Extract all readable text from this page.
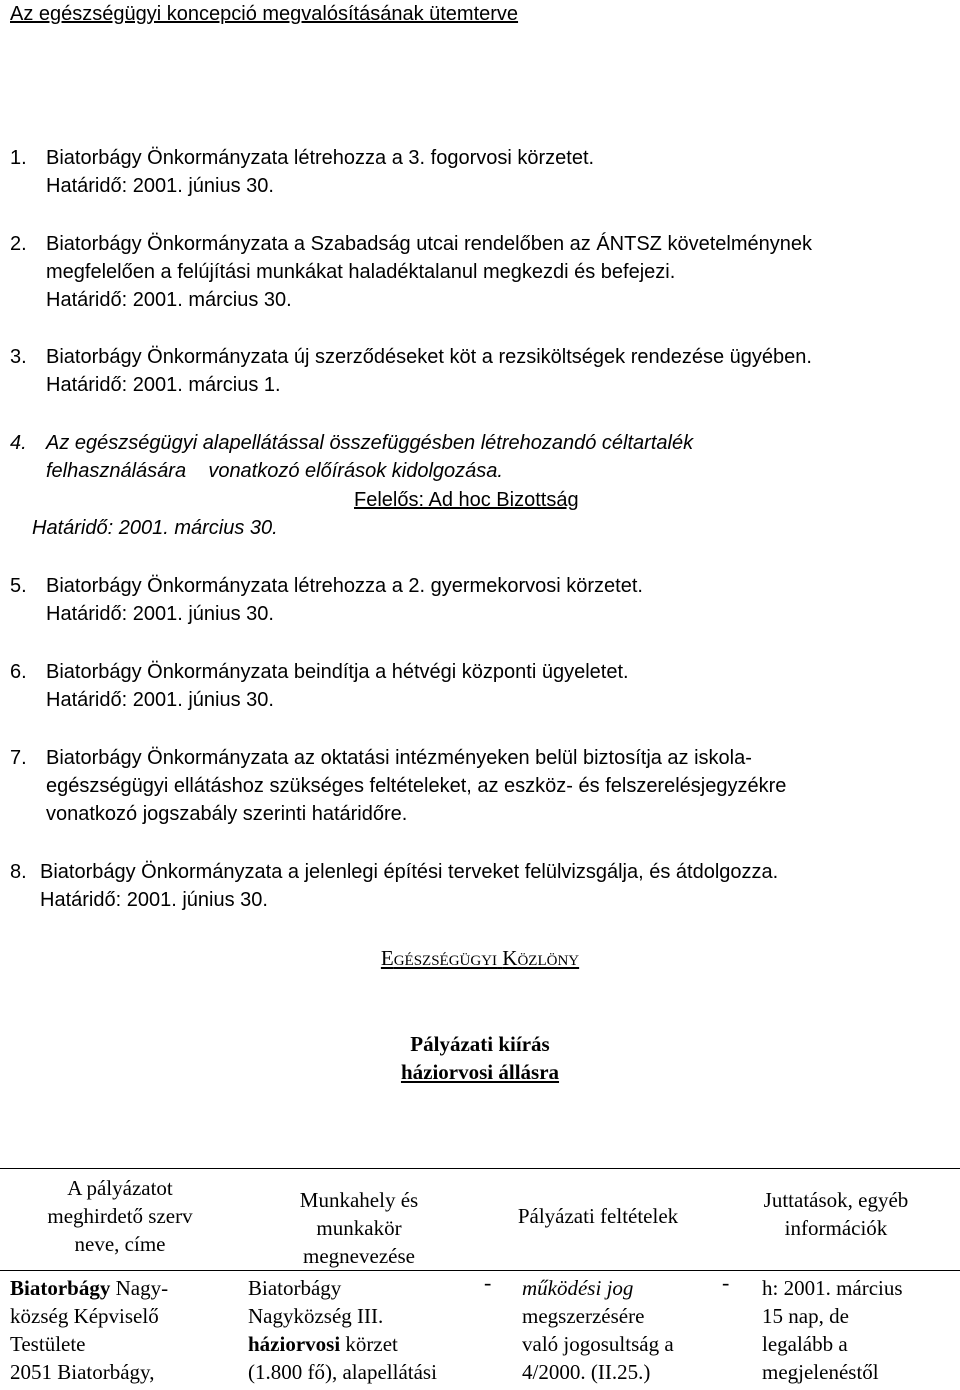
Az egészségügyi koncepció megvalósításának ütemterve
1. Biatorbágy Önkormányzata létrehozza a 3. fogorvosi körzetet.
Határidő: 2001. június 30.
2. Biatorbágy Önkormányzata a Szabadság utcai rendelőben az ÁNTSZ követelménynek
megfelelően a felújítási munkákat haladéktalanul megkezdi és befejezi.
Határidő: 2001. március 30.
3. Biatorbágy Önkormányzata új szerződéseket köt a rezsiköltségek rendezése ügyében.
Határidő: 2001. március 1.
4. Az egészségügyi alapellátással összefüggésben létrehozandó céltartalék
felhasználására    vonatkozó előírások kidolgozása.
Felelős: Ad hoc Bizottság
Határidő: 2001. március 30.
5. Biatorbágy Önkormányzata létrehozza a 2. gyermekorvosi körzetet.
Határidő: 2001. június 30.
6. Biatorbágy Önkormányzata beindítja a hétvégi központi ügyeletet.
Határidő: 2001. június 30.
7. Biatorbágy Önkormányzata az oktatási intézményeken belül biztosítja az iskola-
egészségügyi ellátáshoz szükséges feltételeket, az eszköz- és felszerelésjegyzékre
vonatkozó jogszabály szerinti határidőre.
8. Biatorbágy Önkormányzata a jelenlegi építési terveket felülvizsgálja, és átdolgozza.
Határidő: 2001. június 30.
EGÉSZSÉGÜGYI KÖZLÖNY
Pályázati kiírás
háziorvosi állásra
A pályázatot
meghirdető szerv
neve, címe
Munkahely és
munkakör
megnevezése
Pályázati feltételek
Juttatások, egyéb
információk
Biatorbágy Nagy-
község Képviselő
Testülete
2051 Biatorbágy,
Biatorbágy
Nagyközség III.
háziorvosi körzet
(1.800 fő), alapellátási
- működési jog
megszerzésére
való jogosultság a
4/2000. (II.25.)
- h: 2001. március
15 nap, de
legalább a
megjelenéstől
